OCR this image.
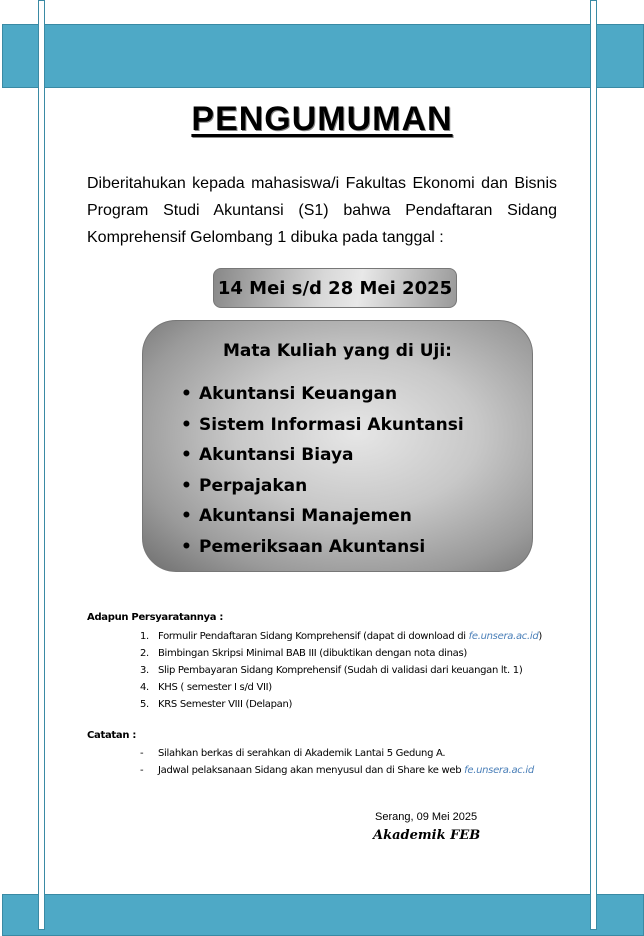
PENGUMUMAN
Diberitahukan kepada mahasiswa/i Fakultas Ekonomi dan Bisnis Program Studi Akuntansi (S1) bahwa Pendaftaran Sidang Komprehensif Gelombang 1 dibuka pada tanggal :
14 Mei s/d 28 Mei 2025
Mata Kuliah yang di Uji:
• Akuntansi Keuangan
• Sistem Informasi Akuntansi
• Akuntansi Biaya
• Perpajakan
• Akuntansi Manajemen
• Pemeriksaan Akuntansi
Adapun Persyaratannya :
1. Formulir Pendaftaran Sidang Komprehensif (dapat di download di fe.unsera.ac.id)
2. Bimbingan Skripsi Minimal BAB III (dibuktikan dengan nota dinas)
3. Slip Pembayaran Sidang Komprehensif (Sudah di validasi dari keuangan lt. 1)
4. KHS ( semester I s/d VII)
5. KRS Semester VIII (Delapan)
Catatan :
- Silahkan berkas di serahkan di Akademik Lantai 5 Gedung A.
- Jadwal pelaksanaan Sidang akan menyusul dan di Share ke web fe.unsera.ac.id
Serang, 09 Mei 2025
Akademik FEB
